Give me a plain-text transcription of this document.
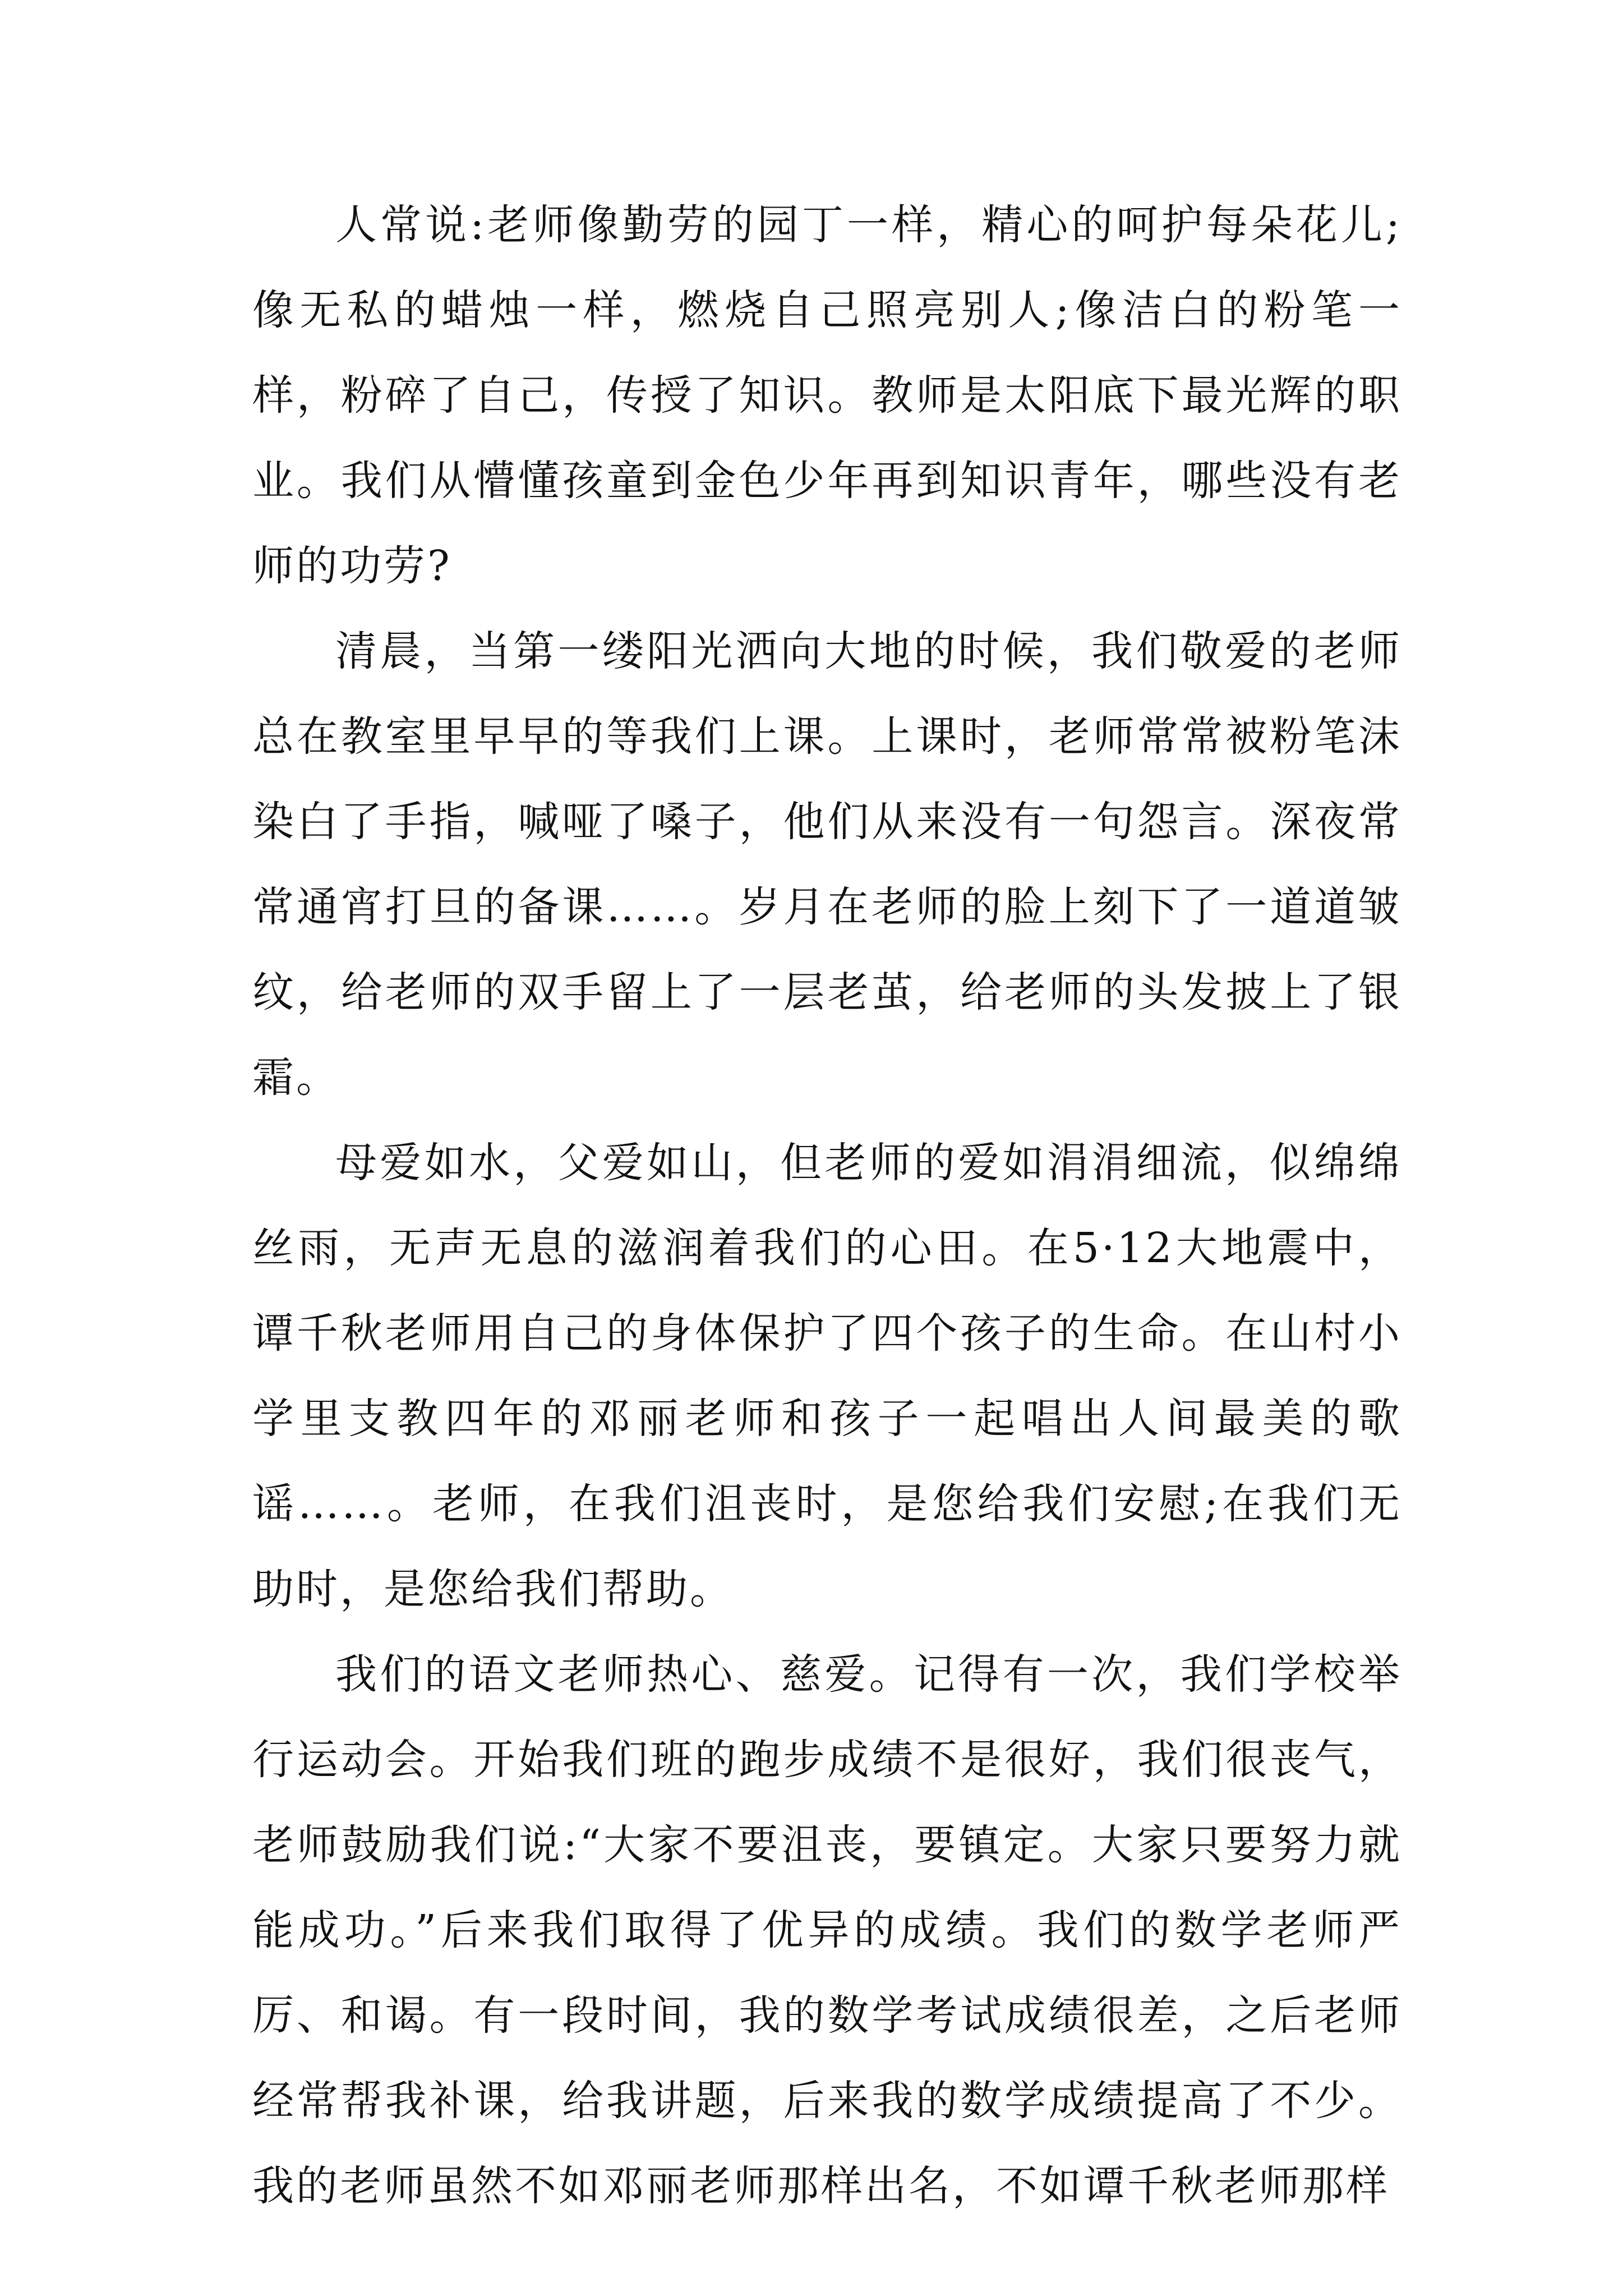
人常说:老师像勤劳的园丁一样，精心的呵护每朵花儿;像无私的蜡烛一样，燃烧自己照亮别人;像洁白的粉笔一样，粉碎了自己，传授了知识。教师是太阳底下最光辉的职业。我们从懵懂孩童到金色少年再到知识青年，哪些没有老师的功劳?

清晨，当第一缕阳光洒向大地的时候，我们敬爱的老师总在教室里早早的等我们上课。上课时，老师常常被粉笔沫染白了手指，喊哑了嗓子，他们从来没有一句怨言。深夜常常通宵打旦的备课……。岁月在老师的脸上刻下了一道道皱纹，给老师的双手留上了一层老茧，给老师的头发披上了银霜。

母爱如水，父爱如山，但老师的爱如涓涓细流，似绵绵丝雨，无声无息的滋润着我们的心田。在5·12大地震中，谭千秋老师用自己的身体保护了四个孩子的生命。在山村小学里支教四年的邓丽老师和孩子一起唱出人间最美的歌谣……。老师，在我们沮丧时，是您给我们安慰;在我们无助时，是您给我们帮助。

我们的语文老师热心、慈爱。记得有一次，我们学校举行运动会。开始我们班的跑步成绩不是很好，我们很丧气，老师鼓励我们说:“大家不要沮丧，要镇定。大家只要努力就能成功。”后来我们取得了优异的成绩。我们的数学老师严厉、和谒。有一段时间，我的数学考试成绩很差，之后老师经常帮我补课，给我讲题，后来我的数学成绩提高了不少。我的老师虽然不如邓丽老师那样出名，不如谭千秋老师那样
